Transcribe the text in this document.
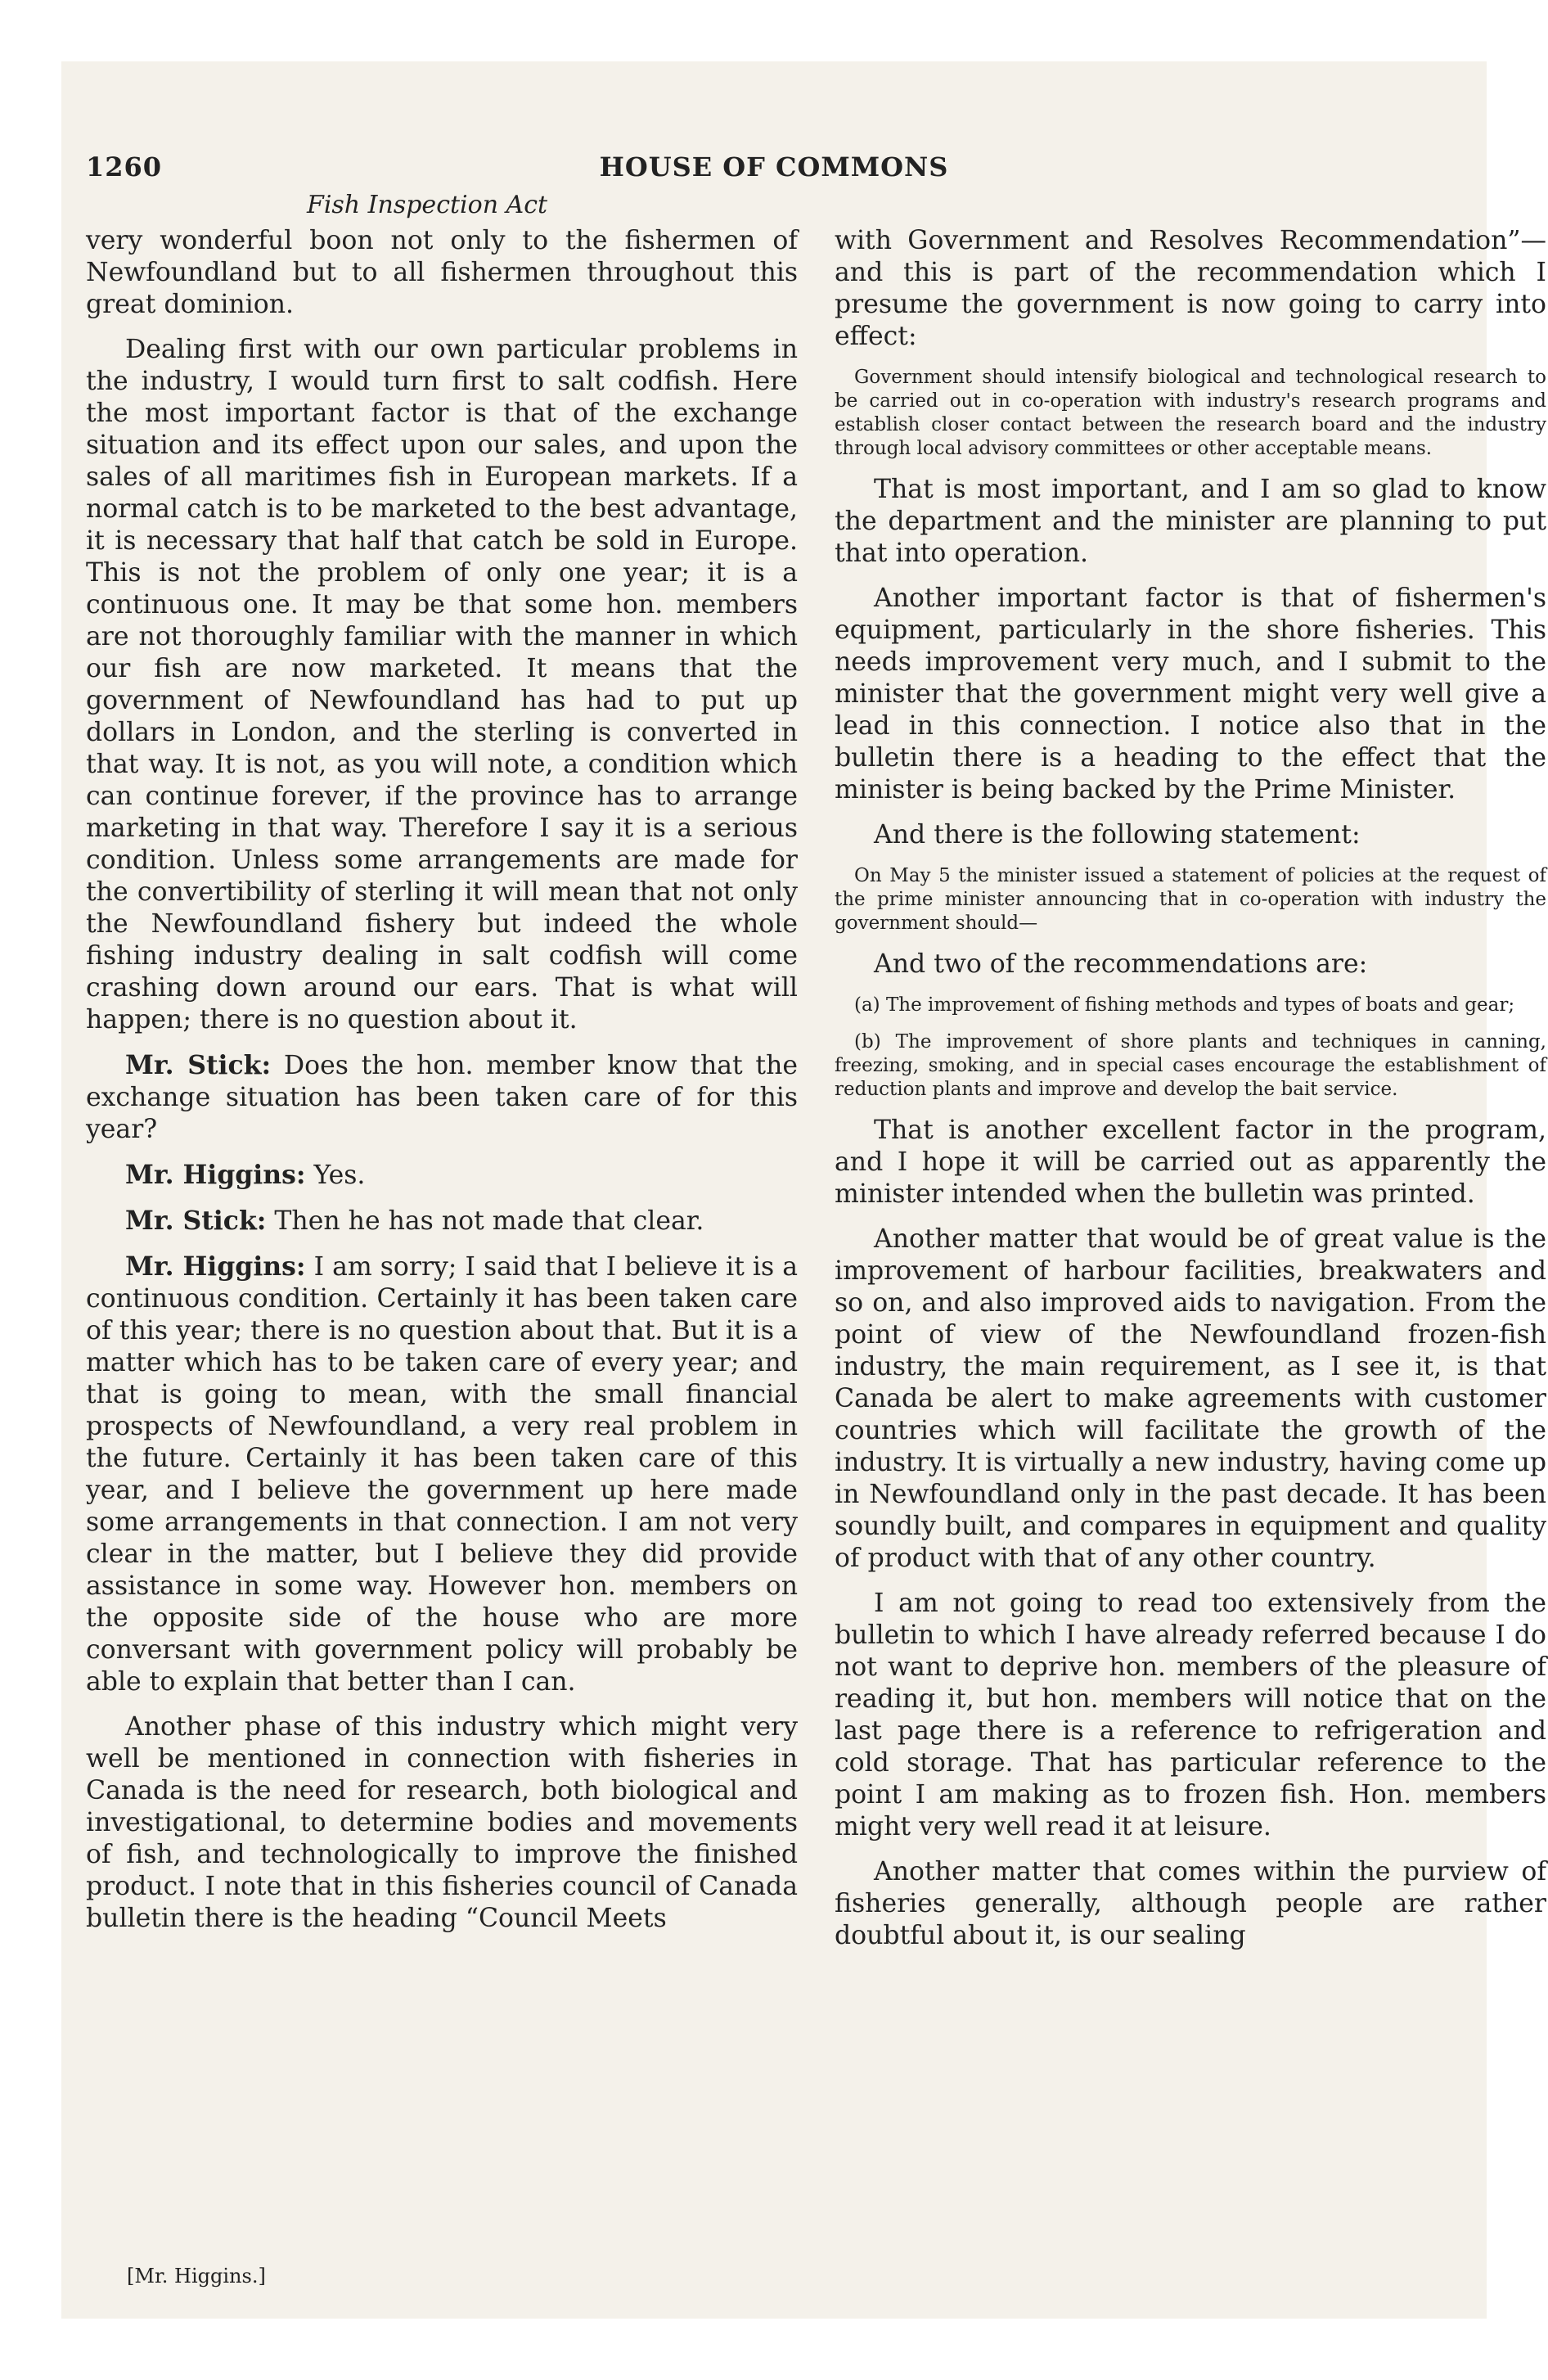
1260	HOUSE OF COMMONS
Fish Inspection Act

very wonderful boon not only to the fishermen of Newfoundland but to all fishermen throughout this great dominion.

Dealing first with our own particular problems in the industry, I would turn first to salt codfish. Here the most important factor is that of the exchange situation and its effect upon our sales, and upon the sales of all maritimes fish in European markets. If a normal catch is to be marketed to the best advantage, it is necessary that half that catch be sold in Europe. This is not the problem of only one year; it is a continuous one. It may be that some hon. members are not thoroughly familiar with the manner in which our fish are now marketed. It means that the government of Newfoundland has had to put up dollars in London, and the sterling is converted in that way. It is not, as you will note, a condition which can continue forever, if the province has to arrange marketing in that way. Therefore I say it is a serious condition. Unless some arrangements are made for the convertibility of sterling it will mean that not only the Newfoundland fishery but indeed the whole fishing industry dealing in salt codfish will come crashing down around our ears. That is what will happen; there is no question about it.

Mr. Stick: Does the hon. member know that the exchange situation has been taken care of for this year?

Mr. Higgins: Yes.

Mr. Stick: Then he has not made that clear.

Mr. Higgins: I am sorry; I said that I believe it is a continuous condition. Certainly it has been taken care of this year; there is no question about that. But it is a matter which has to be taken care of every year; and that is going to mean, with the small financial prospects of Newfoundland, a very real problem in the future. Certainly it has been taken care of this year, and I believe the government up here made some arrangements in that connection. I am not very clear in the matter, but I believe they did provide assistance in some way. However hon. members on the opposite side of the house who are more conversant with government policy will probably be able to explain that better than I can.

Another phase of this industry which might very well be mentioned in connection with fisheries in Canada is the need for research, both biological and investigational, to determine bodies and movements of fish, and technologically to improve the finished product. I note that in this fisheries council of Canada bulletin there is the heading “Council Meets

with Government and Resolves Recommendation”—and this is part of the recommendation which I presume the government is now going to carry into effect:

Government should intensify biological and technological research to be carried out in co-operation with industry's research programs and establish closer contact between the research board and the industry through local advisory committees or other acceptable means.

That is most important, and I am so glad to know the department and the minister are planning to put that into operation.

Another important factor is that of fishermen's equipment, particularly in the shore fisheries. This needs improvement very much, and I submit to the minister that the government might very well give a lead in this connection. I notice also that in the bulletin there is a heading to the effect that the minister is being backed by the Prime Minister.

And there is the following statement:

On May 5 the minister issued a statement of policies at the request of the prime minister announcing that in co-operation with industry the government should—

And two of the recommendations are:

(a) The improvement of fishing methods and types of boats and gear;

(b) The improvement of shore plants and techniques in canning, freezing, smoking, and in special cases encourage the establishment of reduction plants and improve and develop the bait service.

That is another excellent factor in the program, and I hope it will be carried out as apparently the minister intended when the bulletin was printed.

Another matter that would be of great value is the improvement of harbour facilities, breakwaters and so on, and also improved aids to navigation. From the point of view of the Newfoundland frozen-fish industry, the main requirement, as I see it, is that Canada be alert to make agreements with customer countries which will facilitate the growth of the industry. It is virtually a new industry, having come up in Newfoundland only in the past decade. It has been soundly built, and compares in equipment and quality of product with that of any other country.

I am not going to read too extensively from the bulletin to which I have already referred because I do not want to deprive hon. members of the pleasure of reading it, but hon. members will notice that on the last page there is a reference to refrigeration and cold storage. That has particular reference to the point I am making as to frozen fish. Hon. members might very well read it at leisure.

Another matter that comes within the purview of fisheries generally, although people are rather doubtful about it, is our sealing

[Mr. Higgins.]
